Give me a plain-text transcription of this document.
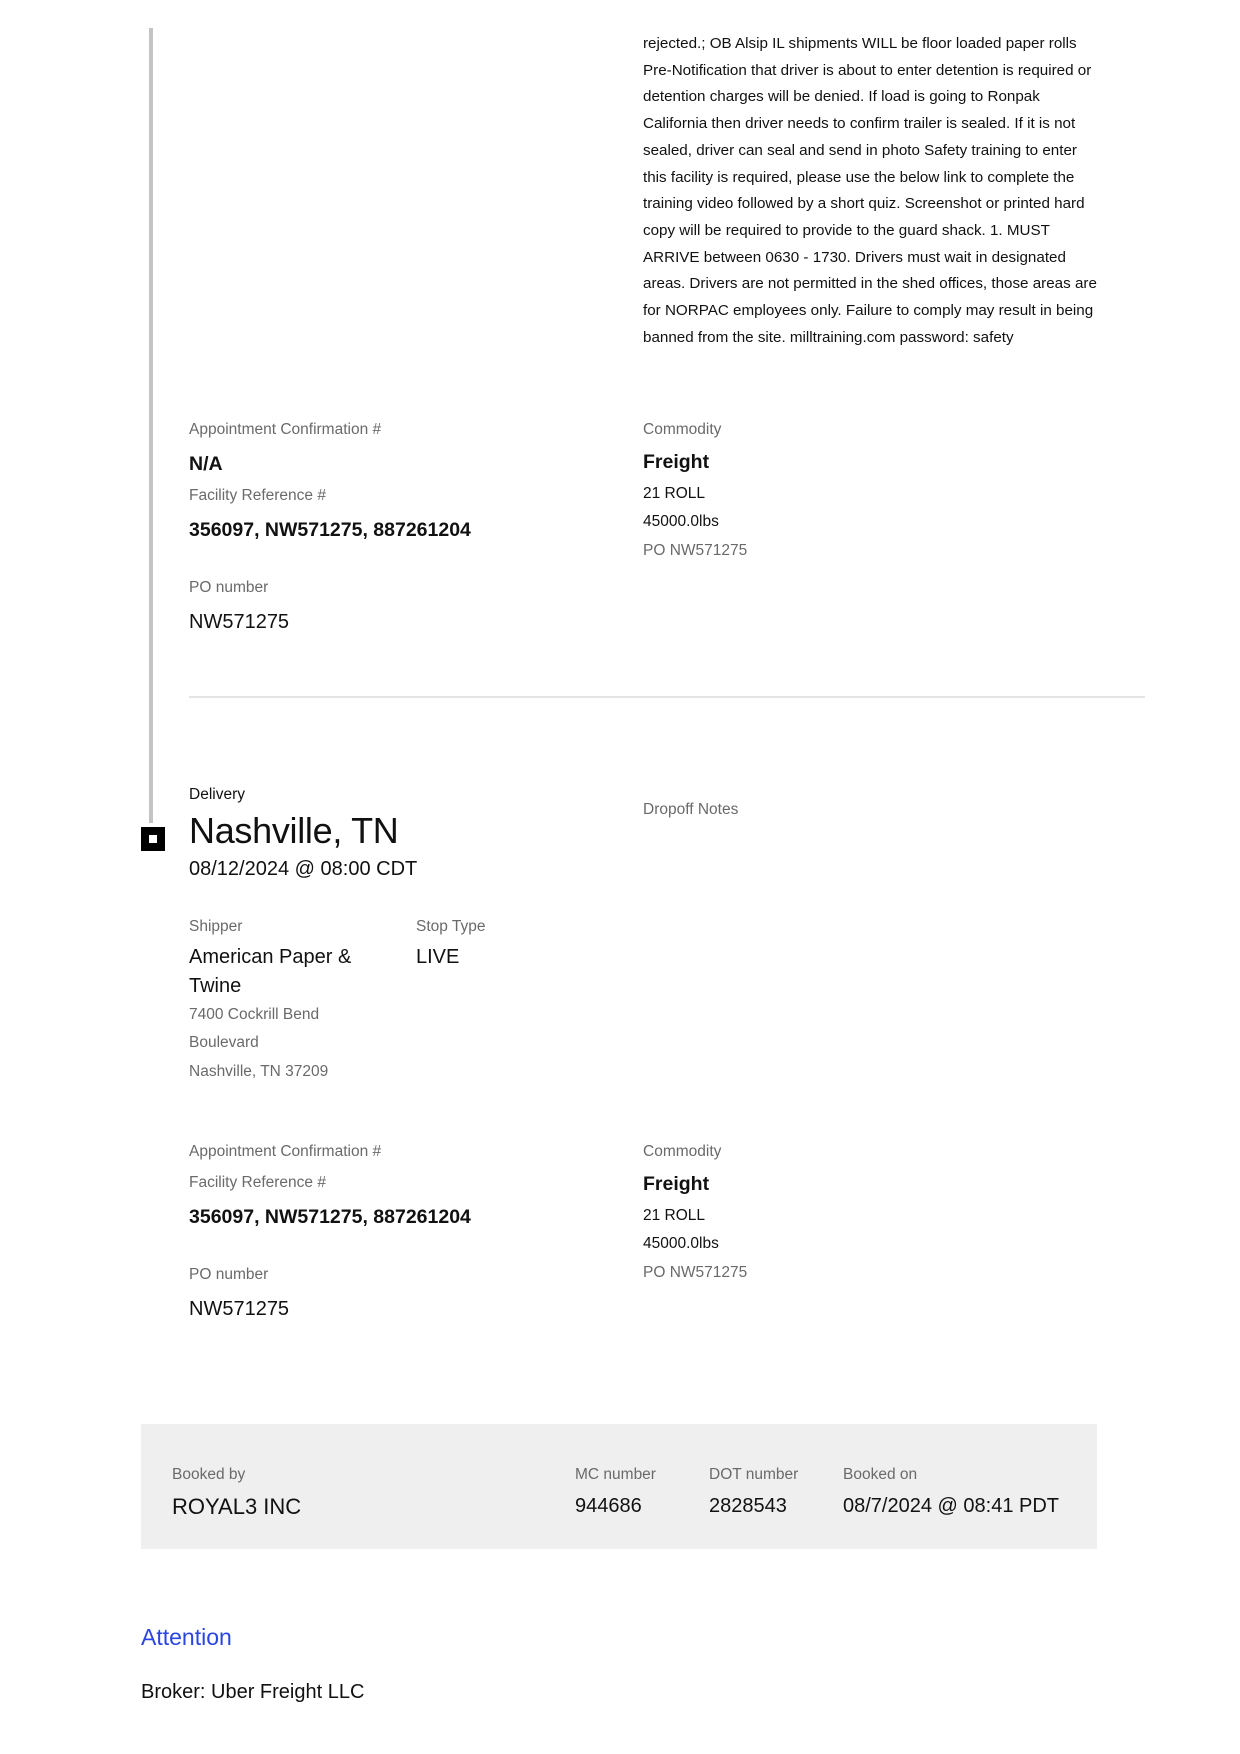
rejected.; OB Alsip IL shipments WILL be floor loaded paper rolls Pre-Notification that driver is about to enter detention is required or detention charges will be denied. If load is going to Ronpak California then driver needs to confirm trailer is sealed. If it is not sealed, driver can seal and send in photo Safety training to enter this facility is required, please use the below link to complete the training video followed by a short quiz. Screenshot or printed hard copy will be required to provide to the guard shack. 1. MUST ARRIVE between 0630 - 1730. Drivers must wait in designated areas. Drivers are not permitted in the shed offices, those areas are for NORPAC employees only. Failure to comply may result in being banned from the site. milltraining.com password: safety
Appointment Confirmation #
N/A
Facility Reference #
356097, NW571275, 887261204
PO number
NW571275
Commodity
Freight
21 ROLL
45000.0lbs
PO NW571275
Delivery
Nashville, TN
08/12/2024 @ 08:00 CDT
Dropoff Notes
Shipper
American Paper &
Twine
7400 Cockrill Bend
Boulevard
Nashville, TN 37209
Stop Type
LIVE
Appointment Confirmation #
Facility Reference #
356097, NW571275, 887261204
PO number
NW571275
Commodity
Freight
21 ROLL
45000.0lbs
PO NW571275
Booked by
ROYAL3 INC
MC number
944686
DOT number
2828543
Booked on
08/7/2024 @ 08:41 PDT
Attention
Broker: Uber Freight LLC
